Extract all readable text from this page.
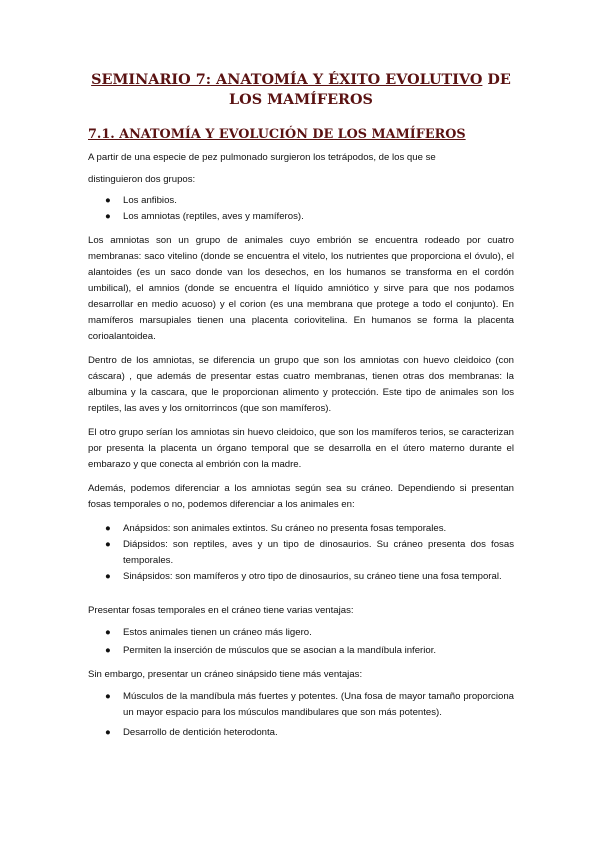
SEMINARIO 7: ANATOMÍA Y ÉXITO EVOLUTIVO DE LOS MAMÍFEROS
7.1. ANATOMÍA Y EVOLUCIÓN DE LOS MAMÍFEROS

A partir de una especie de pez pulmonado surgieron los tetrápodos, de los que se

distinguieron dos grupos:

● Los anfibios.
● Los amniotas (reptiles, aves y mamíferos).

Los amniotas son un grupo de animales cuyo embrión se encuentra rodeado por cuatro membranas: saco vitelino (donde se encuentra el vitelo, los nutrientes que proporciona el óvulo), el alantoides (es un saco donde van los desechos, en los humanos se transforma en el cordón umbilical), el amnios (donde se encuentra el líquido amniótico y sirve para que nos podamos desarrollar en medio acuoso) y el corion (es una membrana que protege a todo el conjunto). En mamíferos marsupiales tienen una placenta coriovitelina. En humanos se forma la placenta corioalantoidea.

Dentro de los amniotas, se diferencia un grupo que son los amniotas con huevo cleidoico (con cáscara) , que además de presentar estas cuatro membranas, tienen otras dos membranas: la albumina y la cascara, que le proporcionan alimento y protección. Este tipo de animales son los reptiles, las aves y los ornitorrincos (que son mamíferos).

El otro grupo serían los amniotas sin huevo cleidoico, que son los mamíferos terios, se caracterizan por presenta la placenta un órgano temporal que se desarrolla en el útero materno durante el embarazo y que conecta al embrión con la madre.

Además, podemos diferenciar a los amniotas según sea su cráneo. Dependiendo si presentan fosas temporales o no, podemos diferenciar a los animales en:

● Anápsidos: son animales extintos. Su cráneo no presenta fosas temporales.
● Diápsidos: son reptiles, aves y un tipo de dinosaurios. Su cráneo presenta dos fosas temporales.
● Sinápsidos: son mamíferos y otro tipo de dinosaurios, su cráneo tiene una fosa temporal.

Presentar fosas temporales en el cráneo tiene varias ventajas:

● Estos animales tienen un cráneo más ligero.
● Permiten la inserción de músculos que se asocian a la mandíbula inferior.

Sin embargo, presentar un cráneo sinápsido tiene más ventajas:

● Músculos de la mandíbula más fuertes y potentes. (Una fosa de mayor tamaño proporciona un mayor espacio para los músculos mandibulares que son más potentes).
● Desarrollo de dentición heterodonta.
